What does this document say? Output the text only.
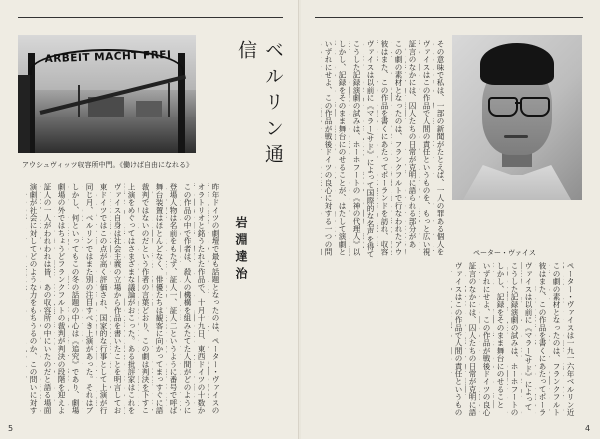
ARBEIT MACHT FREI
アウシュヴィッツ収容所中門。《働けば自由になれる》	ベルリン通信
岩淵達治
昨年ドイツの劇壇で最も話題となったのは、ペーター・ヴァイスの
オラトリオと銘うたれた作品で、十月十九日、東西ドイツの十数か
この作品の中で作者は、殺人の機構を組みたてた人間がどのように
登場人物は名前をもたず、証人一、証人二というように番号で呼ば
舞台装置はほとんどなく、俳優たちは観客に向かってまっすぐに語
裁判ではないのだという作者の言葉どおり、この劇は判決を下すこ
上演をめぐってはさまざまな議論がおこった。ある批評家はこれを
ヴァイス自身は社会主義の立場から作品を書いたことを明言してお
東ドイツではこの点が高く評価され、国家的な行事として上演が行
同じ月、ベルリンではまた別の注目すべき上演があった。それはブ
しかし、何といってもこの冬の話題の中心は《追究》であり、劇場
劇場の外ではちょうどフランクフルトの裁判が判決の段階を迎えよ
証人の一人がわれわれは皆、あの収容所の中にいたのだと語る場面
演劇が社会に対してどのような力をもちうるのか、この問いに対す
5
その意味で私は、一部の新聞がたとえば、一人の罪ある個人を
ヴァイスはこの作品で人間の責任というものを、もっと広い視
証言のなかには、囚人たちの日常が克明に語られる部分があ
この劇の素材となったのは、フランクフルトで行なわれたアウ
彼はまた、この作品を書くにあたってポーランドを訪れ、収容
ヴァイスは以前に《マラー/サド》によって国際的な名声を得て
こうした記録演劇の試みは、ホーホフートの《神の代理人》以
しかし、記録をそのまま舞台にのせることが、はたして演劇と
いずれにせよ、この作品が戦後ドイツの良心に対する一つの問
ペーター・ヴァイスは一九一六年ベルリン近
この劇の素材となったのは、フランクフルト
彼はまた、この作品を書くにあたってポーラ
ヴァイスは以前に《マラー/サド》によって
こうした記録演劇の試みは、ホーホフートの
しかし、記録をそのまま舞台にのせること
いずれにせよ、この作品が戦後ドイツの良心
証言のなかには、囚人たちの日常が克明に語
ヴァイスはこの作品で人間の責任というもの
ペーター・ヴァイス
4
